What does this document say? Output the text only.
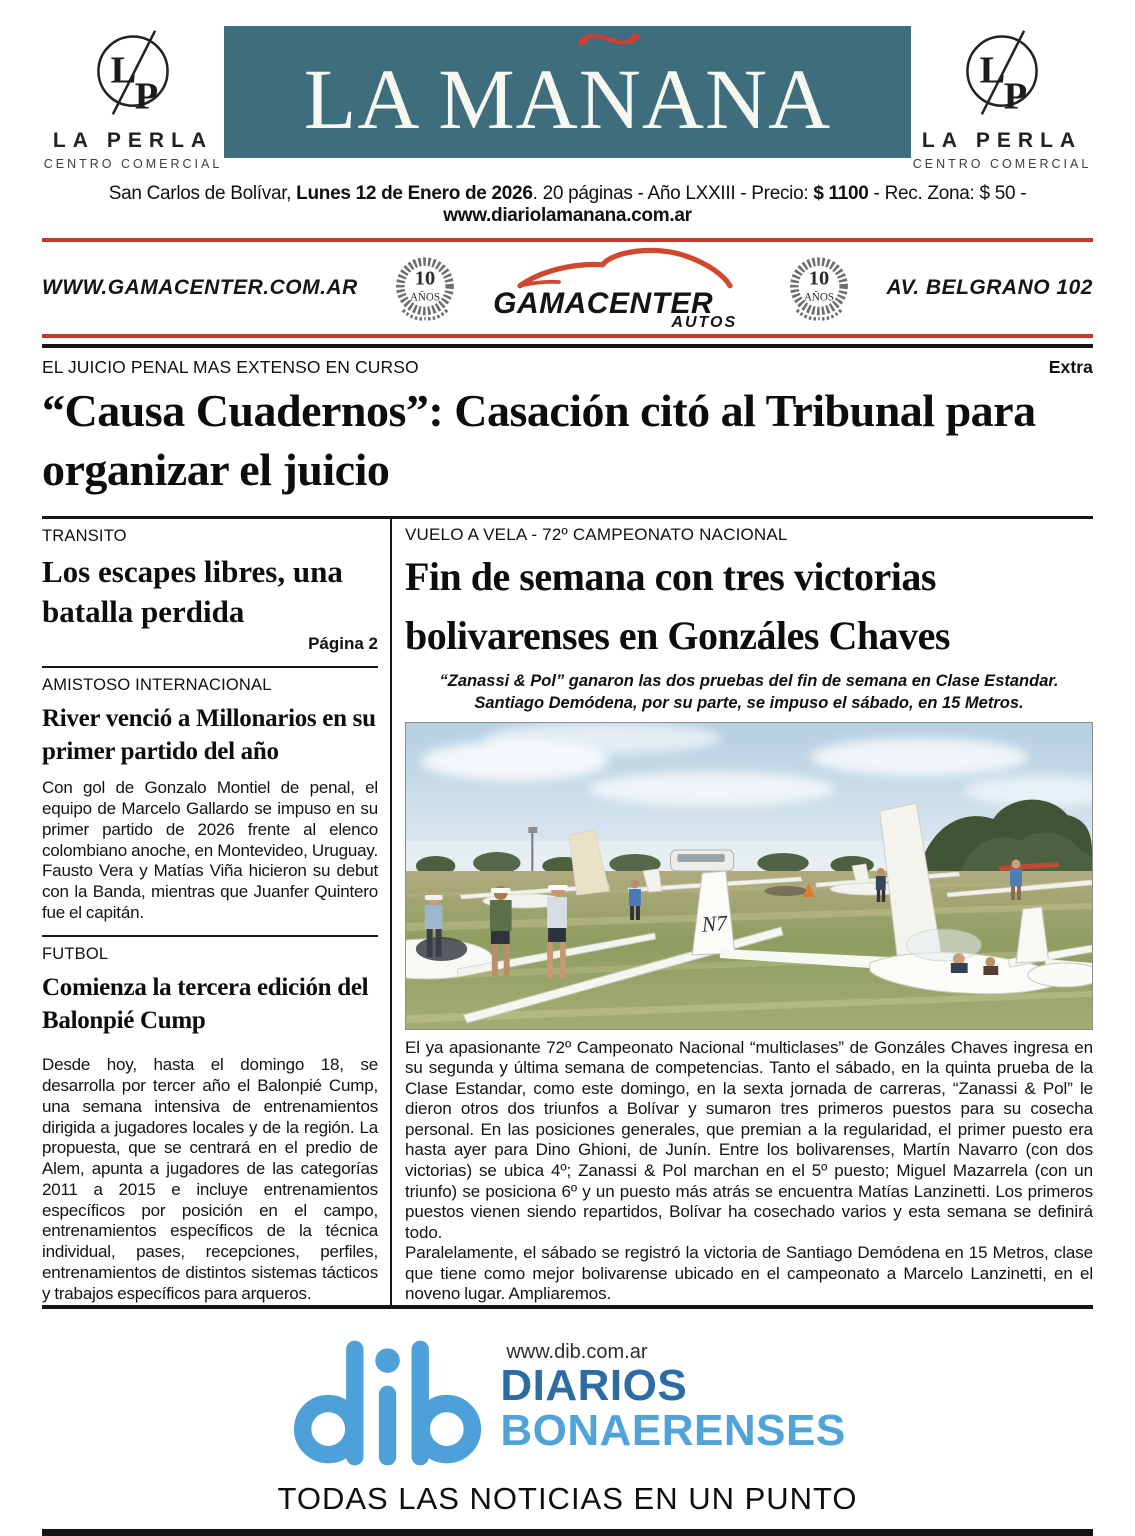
L
P
LA PERLA
CENTRO COMERCIAL
LA MA N
~
ANA	L
P
LA PERLA
CENTRO COMERCIAL
San Carlos de Bolívar, Lunes 12 de Enero de 2026. 20 páginas - Año LXXIII - Precio: $ 1100 - Rec. Zona: $ 50 - www.diariolamanana.com.ar
WWW.GAMACENTER.COM.AR 10
AÑOS GAMACENTER
AUTOS
10
AÑOS	AV. BELGRANO 102
EL JUICIO PENAL MAS EXTENSO EN CURSO	Extra
“Causa Cuadernos”: Casación citó al Tribunal para organizar el juicio
TRANSITO
Los escapes libres, una batalla perdida
Página 2
AMISTOSO INTERNACIONAL
River venció a Millonarios en su primer partido del año
Con gol de Gonzalo Montiel de penal, el equipo de Marcelo Gallardo se impuso en su primer partido de 2026 frente al elenco colombiano anoche, en Montevideo, Uruguay. Fausto Vera y Matías Viña hicieron su debut con la Banda, mientras que Juanfer Quintero fue el capitán.
FUTBOL
Comienza la tercera edición del Balonpié Cump
Desde hoy, hasta el domingo 18, se desarrolla por tercer año el Balonpié Cump, una semana intensiva de entrenamientos dirigida a jugadores locales y de la región. La propuesta, que se centrará en el predio de Alem, apunta a jugadores de las categorías 2011 a 2015 e incluye entrenamientos específicos por posición en el campo, entrenamientos específicos de la técnica individual, pases, recepciones, perfiles, entrenamientos de distintos sistemas tácticos y trabajos específicos para arqueros.
VUELO A VELA - 72º CAMPEONATO NACIONAL
Fin de semana con tres victorias bolivarenses en Gonzáles Chaves
“Zanassi & Pol” ganaron las dos pruebas del fin de semana en Clase Estandar.
Santiago Demódena, por su parte, se impuso el sábado, en 15 Metros.
N7

El ya apasionante 72º Campeonato Nacional “multiclases” de Gonzáles Chaves ingresa en su segunda y última semana de competencias. Tanto el sábado, en la quinta prueba de la Clase Estandar, como este domingo, en la sexta jornada de carreras, “Zanassi & Pol” le dieron otros dos triunfos a Bolívar y sumaron tres primeros puestos para su cosecha personal. En las posiciones generales, que premian a la regularidad, el primer puesto era hasta ayer para Dino Ghioni, de Junín. Entre los bolivarenses, Martín Navarro (con dos victorias) se ubica 4º; Zanassi & Pol marchan en el 5º puesto; Miguel Mazarrela (con un triunfo) se posiciona 6º y un puesto más atrás se encuentra Matías Lanzinetti. Los primeros puestos vienen siendo repartidos, Bolívar ha cosechado varios y esta semana se definirá todo.

Paralelamente, el sábado se registró la victoria de Santiago Demódena en 15 Metros, clase que tiene como mejor bolivarense ubicado en el campeonato a Marcelo Lanzinetti, en el noveno lugar. Ampliaremos.

www.dib.com.ar
DIARIOS
BONAERENSES
TODAS LAS NOTICIAS EN UN PUNTO
